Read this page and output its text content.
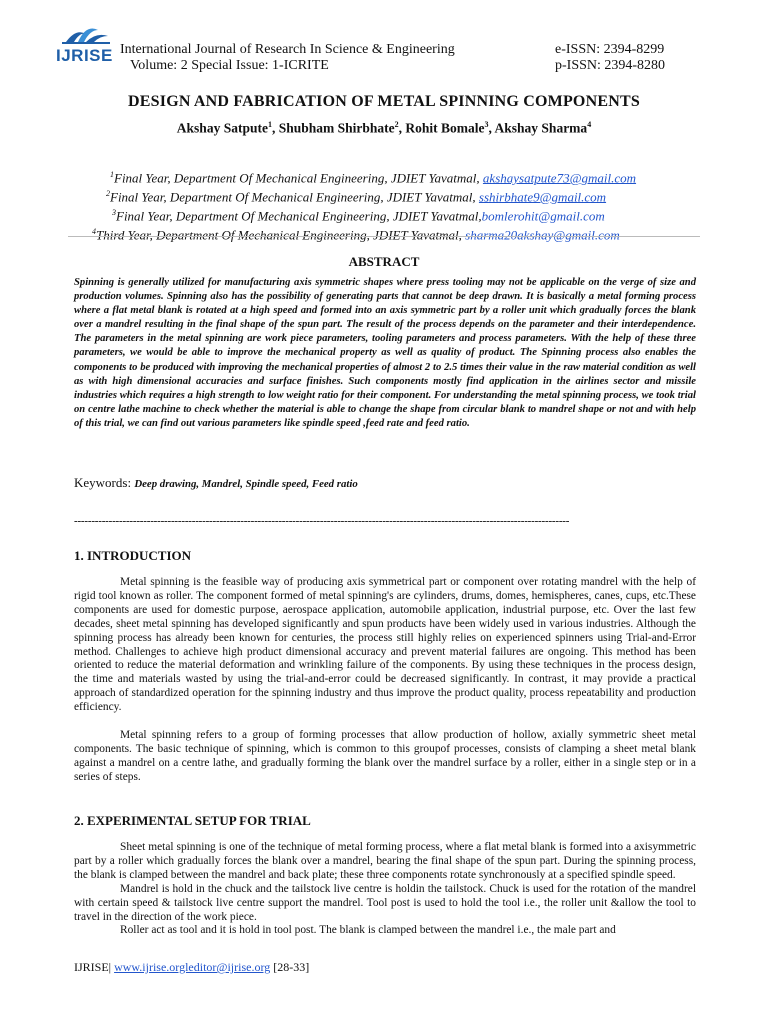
IJRISE International Journal of Research In Science & Engineering
Volume: 2 Special Issue: 1-ICRITE
e-ISSN: 2394-8299
p-ISSN: 2394-8280
DESIGN AND FABRICATION OF METAL SPINNING COMPONENTS
Akshay Satpute$^1$, Shubham Shirbhate$^2$, Rohit Bomale$^3$, Akshay Sharma$^4$
$^1$Final Year, Department Of Mechanical Engineering, JDIET Yavatmal, akshaysatpute73@gmail.com
$^2$Final Year, Department Of Mechanical Engineering, JDIET Yavatmal, sshirbhate9@gmail.com
$^3$Final Year, Department Of Mechanical Engineering, JDIET Yavatmal,bomlerohit@gmail.com
$^4$Third Year, Department Of Mechanical Engineering, JDIET Yavatmal, sharma20akshay@gmail.com
ABSTRACT
Spinning is generally utilized for manufacturing axis symmetric shapes where press tooling may not be applicable on the verge of size and production volumes. Spinning also has the possibility of generating parts that cannot be deep drawn. It is basically a metal forming process where a flat metal blank is rotated at a high speed and formed into an axis symmetric part by a roller unit which gradually forces the blank over a mandrel resulting in the final shape of the spun part. The result of the process depends on the parameter and their interdependence. The parameters in the metal spinning are work piece parameters, tooling parameters and process parameters. With the help of these three parameters, we would be able to improve the mechanical property as well as quality of product. The Spinning process also enables the components to be produced with improving the mechanical properties of almost 2 to 2.5 times their value in the raw material condition as well as with high dimensional accuracies and surface finishes. Such components mostly find application in the airlines sector and missile industries which requires a high strength to low weight ratio for their component. For understanding the metal spinning process, we took trial on centre lathe machine to check whether the material is able to change the shape from circular blank to mandrel shape or not and with help of this trial, we can find out various parameters like spindle speed ,feed rate and feed ratio.
Keywords: Deep drawing, Mandrel, Spindle speed, Feed ratio
-----------------------------------------------------------------------------------------------------------------------------------------------
1. INTRODUCTION

Metal spinning is the feasible way of producing axis symmetrical part or component over rotating mandrel with the help of rigid tool known as roller. The component formed of metal spinning's are cylinders, drums, domes, hemispheres, canes, cups, etc.These components are used for domestic purpose, aerospace application, automobile application, industrial purpose, etc. Over the last few decades, sheet metal spinning has developed significantly and spun products have been widely used in various industries. Although the spinning process has already been known for centuries, the process still highly relies on experienced spinners using Trial-and-Error method. Challenges to achieve high product dimensional accuracy and prevent material failures are ongoing. This method has been oriented to reduce the material deformation and wrinkling failure of the components. By using these techniques in the process design, the time and materials wasted by using the trial-and-error could be decreased significantly. In contrast, it may provide a practical approach of standardized operation for the spinning industry and thus improve the product quality, process repeatability and production efficiency.

Metal spinning refers to a group of forming processes that allow production of hollow, axially symmetric sheet metal components. The basic technique of spinning, which is common to this groupof processes, consists of clamping a sheet metal blank against a mandrel on a centre lathe, and gradually forming the blank over the mandrel surface by a roller, either in a single step or in a series of steps.

2. EXPERIMENTAL SETUP FOR TRIAL

Sheet metal spinning is one of the technique of metal forming process, where a flat metal blank is formed into a axisymmetric part by a roller which gradually forces the blank over a mandrel, bearing the final shape of the spun part. During the spinning process, the blank is clamped between the mandrel and back plate; these three components rotate synchronously at a specified spindle speed.

Mandrel is hold in the chuck and the tailstock live centre is holdin the tailstock. Chuck is used for the rotation of the mandrel with certain speed & tailstock live centre support the mandrel. Tool post is used to hold the tool i.e., the roller unit &allow the tool to travel in the direction of the work piece.

Roller act as tool and it is hold in tool post. The blank is clamped between the mandrel i.e., the male part and

IJRISE| www.ijrise.orgleditor@ijrise.org [28-33]
